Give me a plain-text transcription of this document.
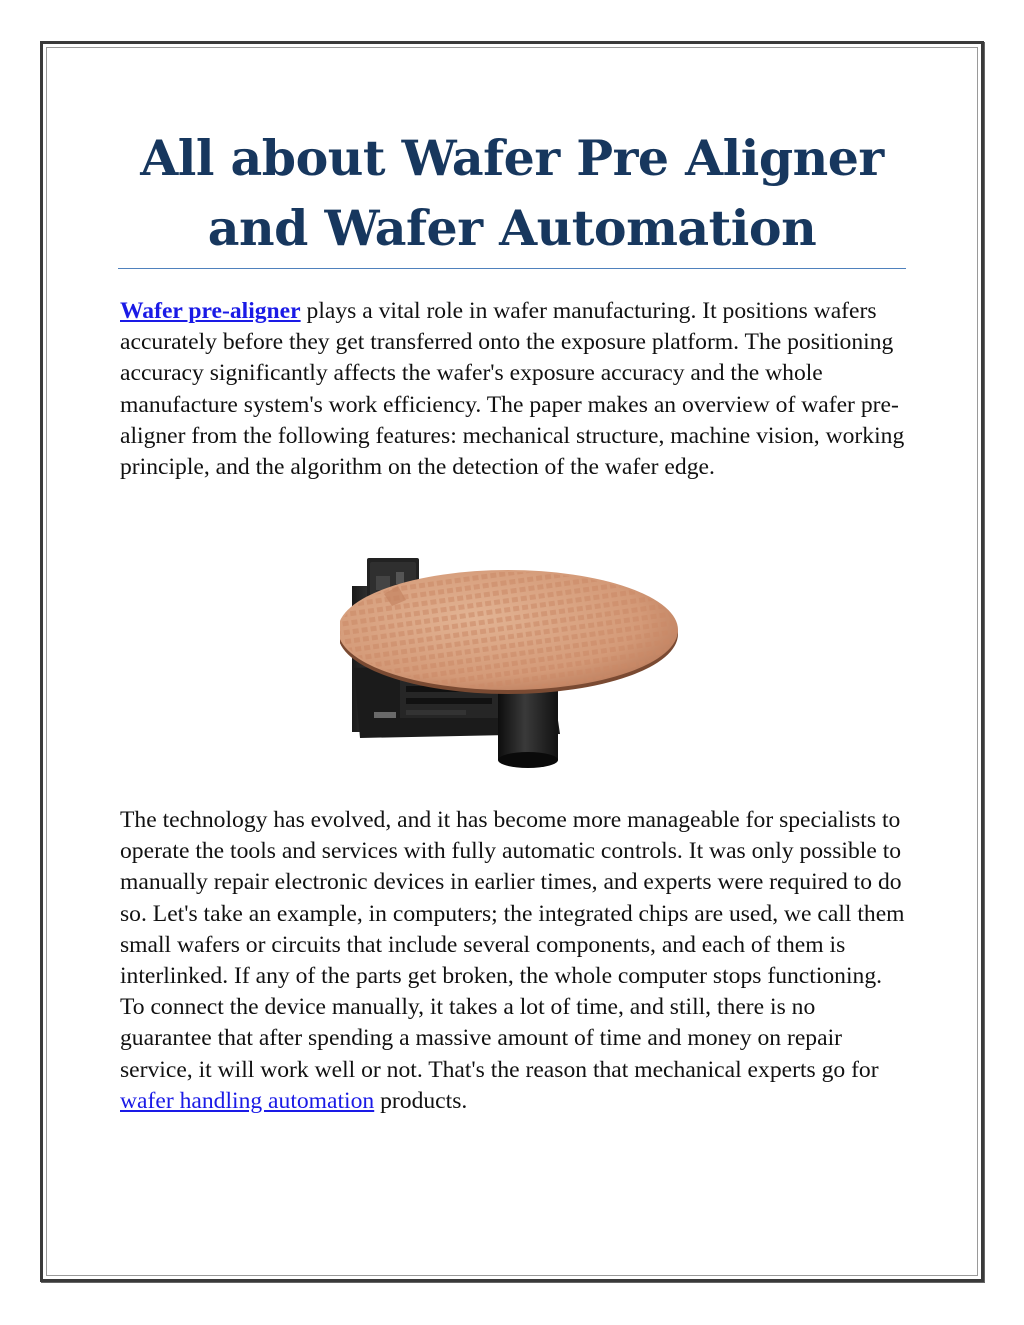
All about Wafer Pre Aligner and Wafer Automation

Wafer pre-aligner plays a vital role in wafer manufacturing. It positions wafers accurately before they get transferred onto the exposure platform. The positioning accuracy significantly affects the wafer's exposure accuracy and the whole manufacture system's work efficiency. The paper makes an overview of wafer pre-aligner from the following features: mechanical structure, machine vision, working principle, and the algorithm on the detection of the wafer edge.

The technology has evolved, and it has become more manageable for specialists to operate the tools and services with fully automatic controls. It was only possible to manually repair electronic devices in earlier times, and experts were required to do so. Let's take an example, in computers; the integrated chips are used, we call them small wafers or circuits that include several components, and each of them is interlinked. If any of the parts get broken, the whole computer stops functioning. To connect the device manually, it takes a lot of time, and still, there is no guarantee that after spending a massive amount of time and money on repair service, it will work well or not. That's the reason that mechanical experts go for wafer handling automation products.
